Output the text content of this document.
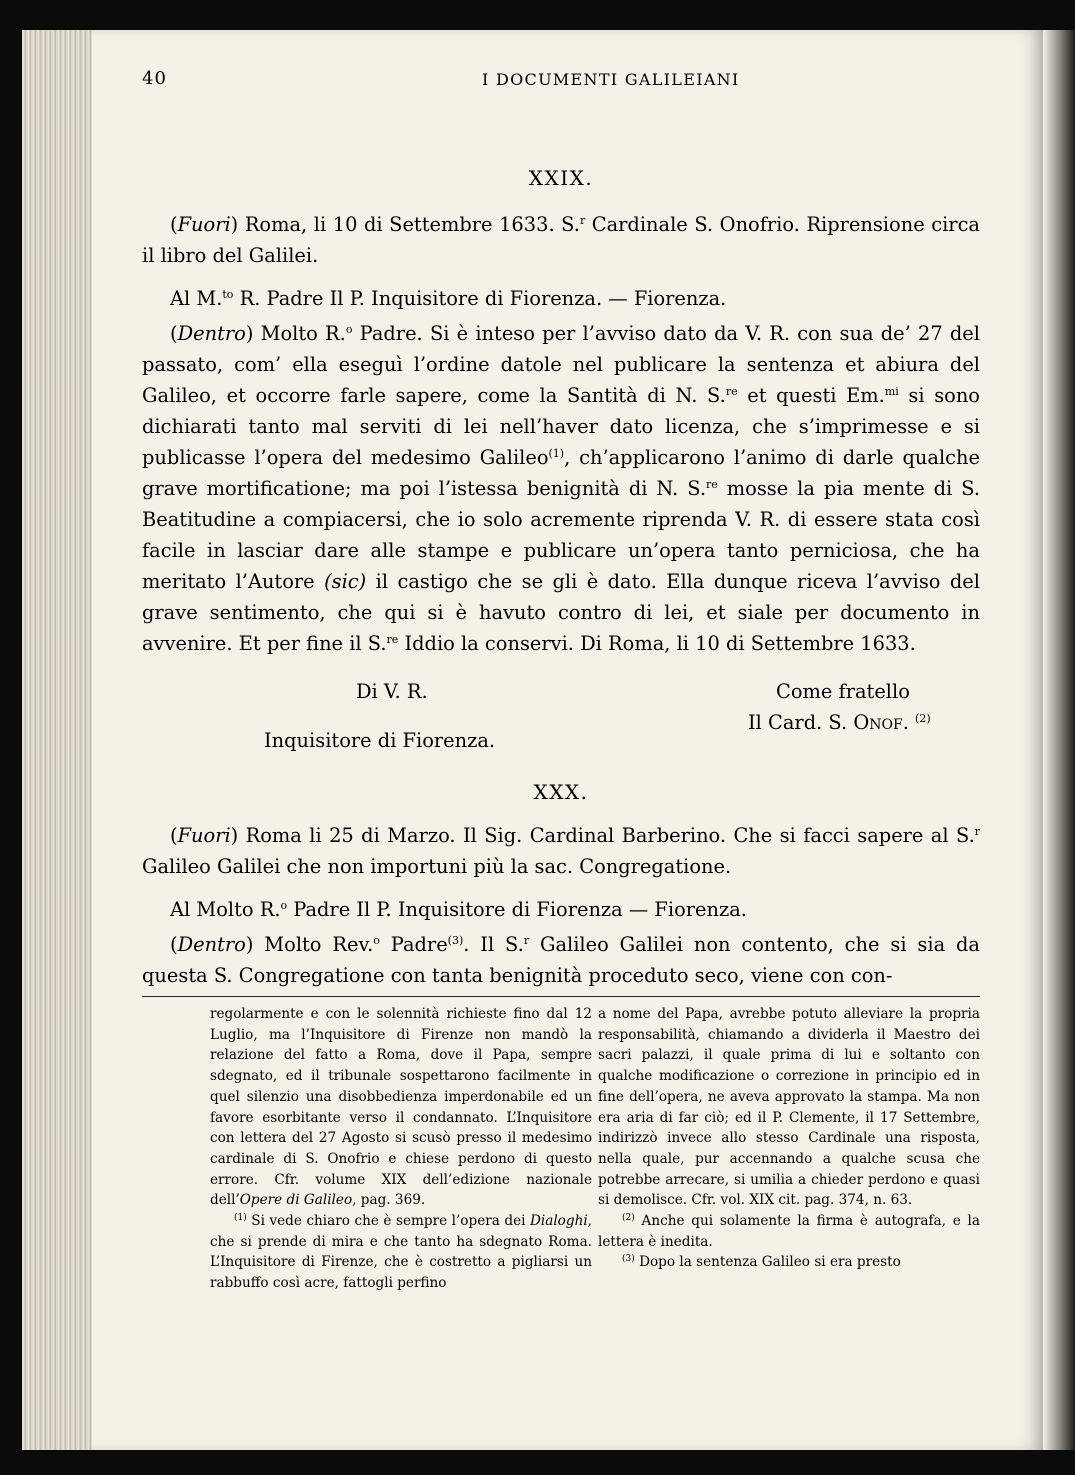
40	I DOCUMENTI GALILEIANI
XXIX.
(Fuori) Roma, li 10 di Settembre 1633. S.$^r$ Cardinale S. Onofrio. Riprensione circa il libro del Galilei.
Al M.$^{to}$ R. Padre Il P. Inquisitore di Fiorenza. — Fiorenza.
(Dentro) Molto R.$^o$ Padre. Si è inteso per l’avviso dato da V. R. con sua de’ 27 del passato, com’ ella eseguì l’ordine datole nel publicare la sentenza et abiura del Galileo, et occorre farle sapere, come la Santità di N. S.$^{re}$ et questi Em.$^{mi}$ si sono dichiarati tanto mal serviti di lei nell’haver dato licenza, che s’imprimesse e si publicasse l’opera del medesimo Galileo$^{(1)}$, ch’applicarono l’animo di darle qualche grave mortificatione; ma poi l’istessa benignità di N. S.$^{re}$ mosse la pia mente di S. Beatitudine a compiacersi, che io solo acremente riprenda V. R. di essere stata così facile in lasciar dare alle stampe e publicare un’opera tanto perniciosa, che ha meritato l’Autore (sic) il castigo che se gli è dato. Ella dunque riceva l’avviso del grave sentimento, che qui si è havuto contro di lei, et siale per documento in avvenire. Et per fine il S.$^{re}$ Iddio la conservi. Di Roma, li 10 di Settembre 1633.
Di V. R.
Inquisitore di Fiorenza.
Come fratello
Il Card. S. Onof. $^{(2)}$
XXX.
(Fuori) Roma li 25 di Marzo. Il Sig. Cardinal Barberino. Che si facci sapere al S.$^r$ Galileo Galilei che non importuni più la sac. Congregatione.
Al Molto R.$^o$ Padre Il P. Inquisitore di Fiorenza — Fiorenza.
(Dentro) Molto Rev.$^o$ Padre$^{(3)}$. Il S.$^r$ Galileo Galilei non contento, che si sia da questa S. Congregatione con tanta benignità proceduto seco, viene con con-

regolarmente e con le solennità richieste fino dal 12 Luglio, ma l’Inquisitore di Firenze non mandò la relazione del fatto a Roma, dove il Papa, sempre sdegnato, ed il tribunale sospettarono facilmente in quel silenzio una disobbedienza imperdonabile ed un favore esorbitante verso il condannato. L’Inquisitore con lettera del 27 Agosto si scusò presso il medesimo cardinale di S. Onofrio e chiese perdono di questo errore. Cfr. volume XIX dell’edizione nazionale dell’Opere di Galileo, pag. 369.

$^{(1)}$ Si vede chiaro che è sempre l’opera dei Dialoghi, che si prende di mira e che tanto ha sdegnato Roma. L’Inquisitore di Firenze, che è costretto a pigliarsi un rabbuffo così acre, fattogli perfino

a nome del Papa, avrebbe potuto alleviare la propria responsabilità, chiamando a dividerla il Maestro dei sacri palazzi, il quale prima di lui e soltanto con qualche modificazione o correzione in principio ed in fine dell’opera, ne aveva approvato la stampa. Ma non era aria di far ciò; ed il P. Clemente, il 17 Settembre, indirizzò invece allo stesso Cardinale una risposta, nella quale, pur accennando a qualche scusa che potrebbe arrecare, si umilia a chieder perdono e quasi si demolisce. Cfr. vol. XIX cit. pag. 374, n. 63.

$^{(2)}$ Anche qui solamente la firma è autografa, e la lettera è inedita.

$^{(3)}$ Dopo la sentenza Galileo si era presto
